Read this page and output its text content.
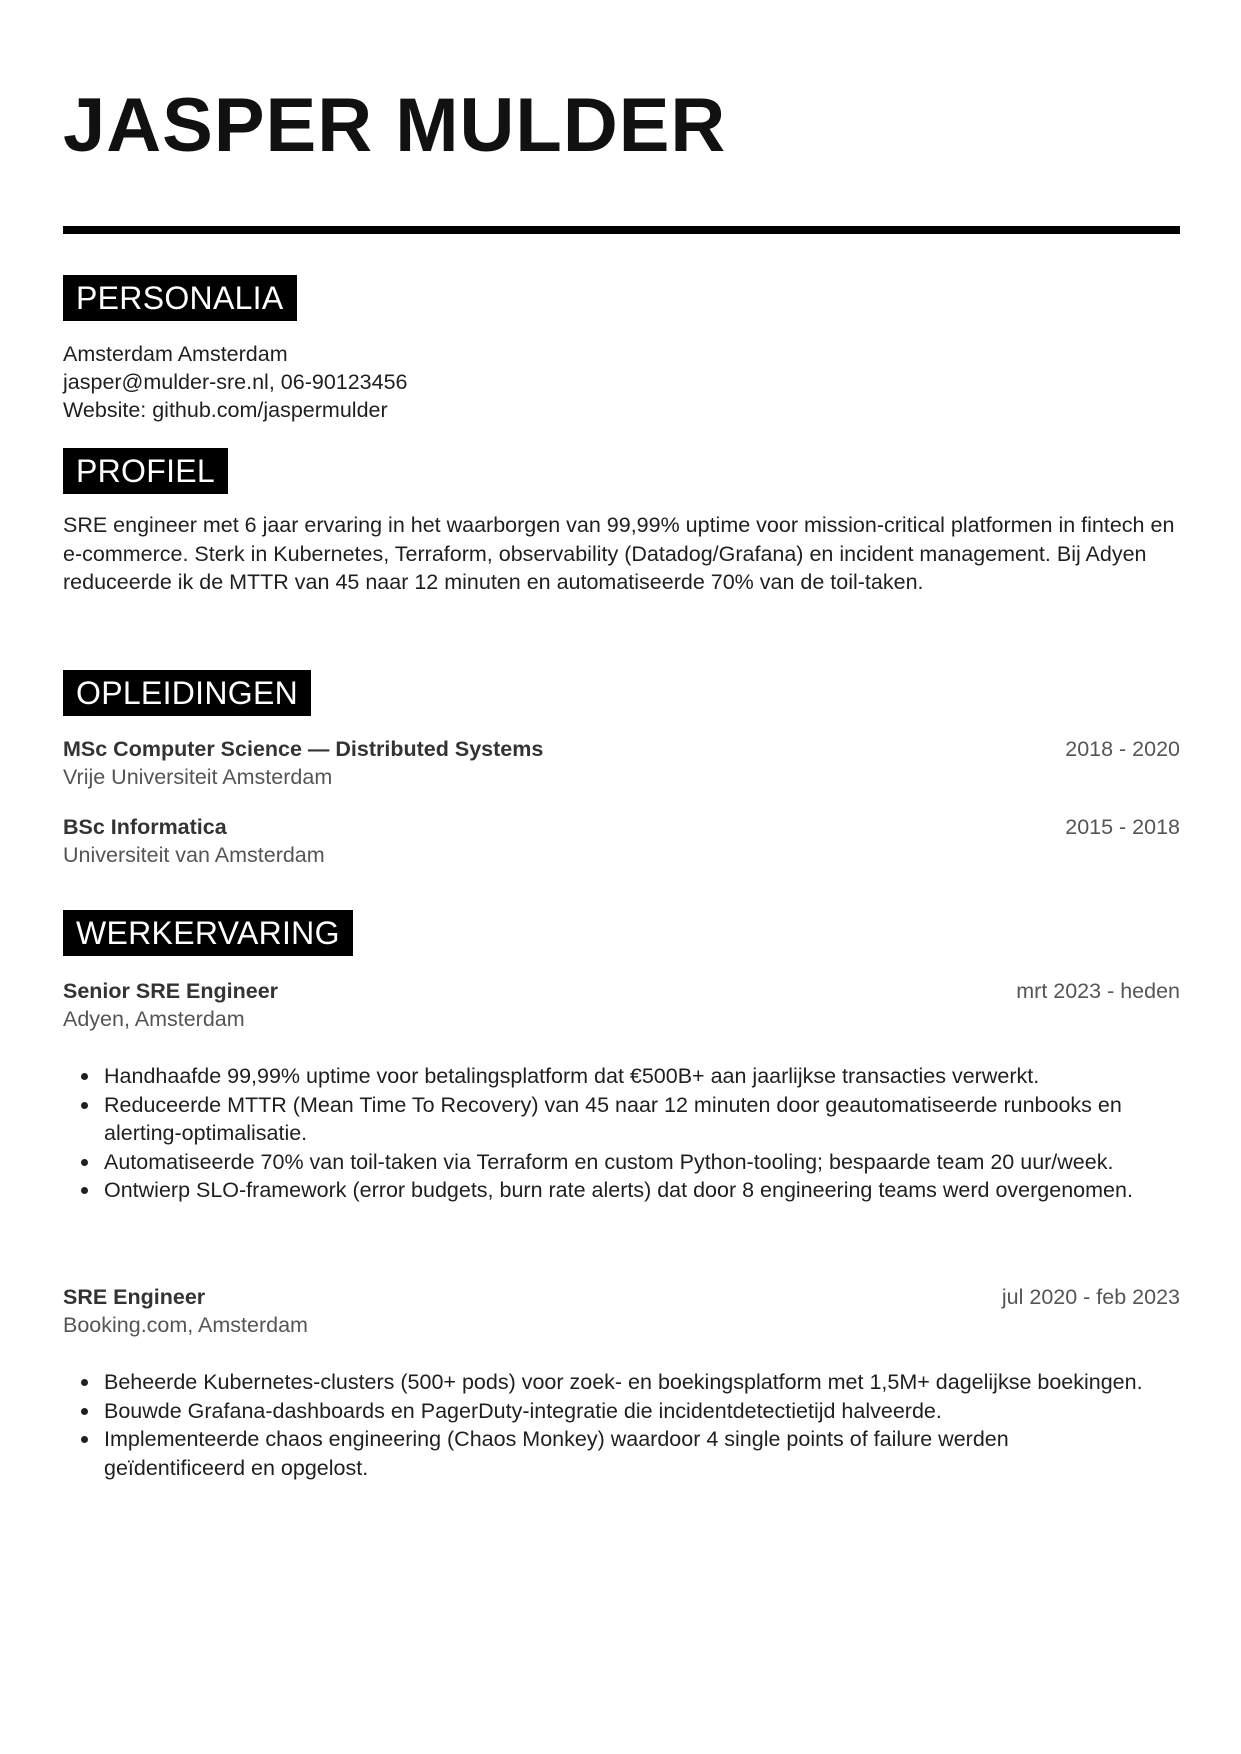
JASPER MULDER
PERSONALIA
Amsterdam Amsterdam
jasper@mulder-sre.nl, 06-90123456
Website: github.com/jaspermulder
PROFIEL
SRE engineer met 6 jaar ervaring in het waarborgen van 99,99% uptime voor mission-critical platformen in fintech en e-commerce. Sterk in Kubernetes, Terraform, observability (Datadog/Grafana) en incident management. Bij Adyen reduceerde ik de MTTR van 45 naar 12 minuten en automatiseerde 70% van de toil-taken.
OPLEIDINGEN
MSc Computer Science — Distributed Systems	2018 - 2020
Vrije Universiteit Amsterdam
BSc Informatica	2015 - 2018
Universiteit van Amsterdam
WERKERVARING
Senior SRE Engineer	mrt 2023 - heden
Adyen, Amsterdam
Handhaafde 99,99% uptime voor betalingsplatform dat €500B+ aan jaarlijkse transacties verwerkt.
Reduceerde MTTR (Mean Time To Recovery) van 45 naar 12 minuten door geautomatiseerde runbooks en alerting-optimalisatie.
Automatiseerde 70% van toil-taken via Terraform en custom Python-tooling; bespaarde team 20 uur/week.
Ontwierp SLO-framework (error budgets, burn rate alerts) dat door 8 engineering teams werd overgenomen.
SRE Engineer	jul 2020 - feb 2023
Booking.com, Amsterdam
Beheerde Kubernetes-clusters (500+ pods) voor zoek- en boekingsplatform met 1,5M+ dagelijkse boekingen.
Bouwde Grafana-dashboards en PagerDuty-integratie die incidentdetectietijd halveerde.
Implementeerde chaos engineering (Chaos Monkey) waardoor 4 single points of failure werden geïdentificeerd en opgelost.
